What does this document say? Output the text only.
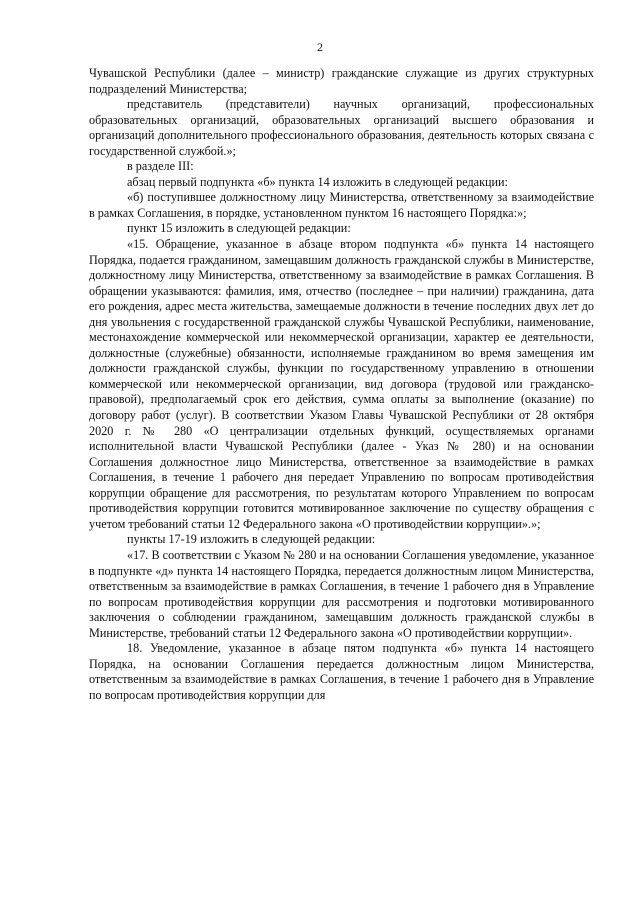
2

Чувашской Республики (далее – министр) гражданские служащие из других структурных подразделений Министерства;

представитель (представители) научных организаций, профессиональных образовательных организаций, образовательных организаций высшего образования и организаций дополнительного профессионального образования, деятельность которых связана с государственной службой.»;

в разделе III:

абзац первый подпункта «б» пункта 14 изложить в следующей редакции:

«б) поступившее должностному лицу Министерства, ответственному за взаимодействие в рамках Соглашения, в порядке, установленном пунктом 16 настоящего Порядка:»;

пункт 15 изложить в следующей редакции:

«15. Обращение, указанное в абзаце втором подпункта «б» пункта 14 настоящего Порядка, подается гражданином, замещавшим должность гражданской службы в Министерстве, должностному лицу Министерства, ответственному за взаимодействие в рамках Соглашения. В обращении указываются: фамилия, имя, отчество (последнее – при наличии) гражданина, дата его рождения, адрес места жительства, замещаемые должности в течение последних двух лет до дня увольнения с государственной гражданской службы Чувашской Республики, наименование, местонахождение коммерческой или некоммерческой организации, характер ее деятельности, должностные (служебные) обязанности, исполняемые гражданином во время замещения им должности гражданской службы, функции по государственному управлению в отношении коммерческой или некоммерческой организации, вид договора (трудовой или гражданско-правовой), предполагаемый срок его действия, сумма оплаты за выполнение (оказание) по договору работ (услуг). В соответствии Указом Главы Чувашской Республики от 28 октября 2020 г. № 280 «О централизации отдельных функций, осуществляемых органами исполнительной власти Чувашской Республики (далее - Указ № 280) и на основании Соглашения должностное лицо Министерства, ответственное за взаимодействие в рамках Соглашения, в течение 1 рабочего дня передает Управлению по вопросам противодействия коррупции обращение для рассмотрения, по результатам которого Управлением по вопросам противодействия коррупции готовится мотивированное заключение по существу обращения с учетом требований статьи 12 Федерального закона «О противодействии коррупции».»;

пункты 17-19 изложить в следующей редакции:

«17. В соответствии с Указом № 280 и на основании Соглашения уведомление, указанное в подпункте «д» пункта 14 настоящего Порядка, передается должностным лицом Министерства, ответственным за взаимодействие в рамках Соглашения, в течение 1 рабочего дня в Управление по вопросам противодействия коррупции для рассмотрения и подготовки мотивированного заключения о соблюдении гражданином, замещавшим должность гражданской службы в Министерстве, требований статьи 12 Федерального закона «О противодействии коррупции».

18. Уведомление, указанное в абзаце пятом подпункта «б» пункта 14 настоящего Порядка, на основании Соглашения передается должностным лицом Министерства, ответственным за взаимодействие в рамках Соглашения, в течение 1 рабочего дня в Управление по вопросам противодействия коррупции для
